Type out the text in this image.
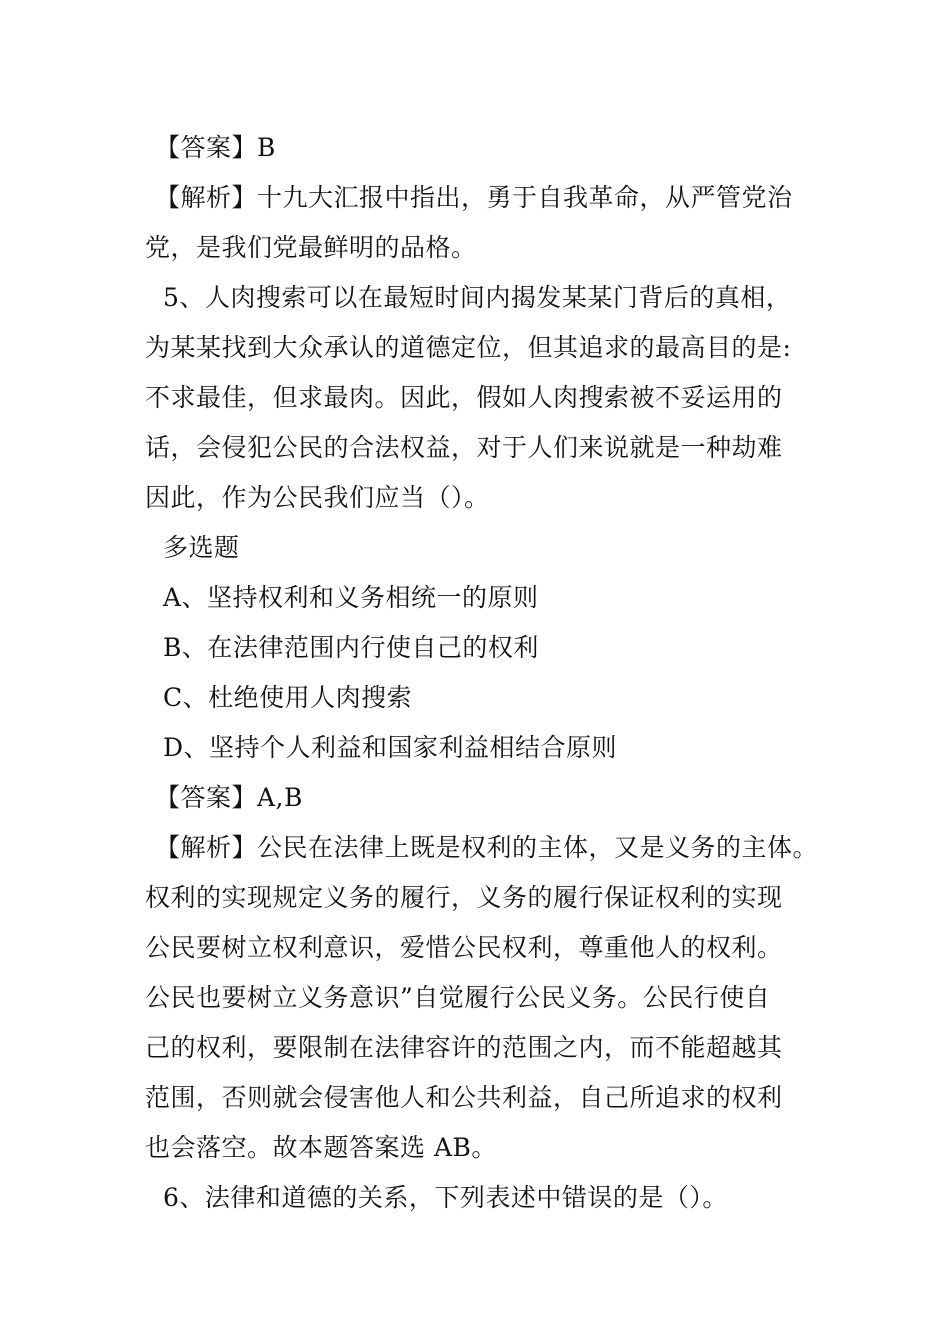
【答案】B
【解析】十九大汇报中指出，勇于自我革命，从严管党治
党，是我们党最鲜明的品格。
5、人肉搜索可以在最短时间内揭发某某门背后的真相，
为某某找到大众承认的道德定位，但其追求的最高目的是:
不求最佳，但求最肉。因此，假如人肉搜索被不妥运用的
话，会侵犯公民的合法权益，对于人们来说就是一种劫难
因此，作为公民我们应当（）。
多选题
A、坚持权利和义务相统一的原则
B、在法律范围内行使自己的权利
C、杜绝使用人肉搜索
D、坚持个人利益和国家利益相结合原则
【答案】A,B
【解析】公民在法律上既是权利的主体，又是义务的主体。
权利的实现规定义务的履行，义务的履行保证权利的实现
公民要树立权利意识，爱惜公民权利，尊重他人的权利。
公民也要树立义务意识”自觉履行公民义务。公民行使自
己的权利，要限制在法律容许的范围之内，而不能超越其
范围，否则就会侵害他人和公共利益，自己所追求的权利
也会落空。故本题答案选 AB。
6、法律和道德的关系，下列表述中错误的是（）。
